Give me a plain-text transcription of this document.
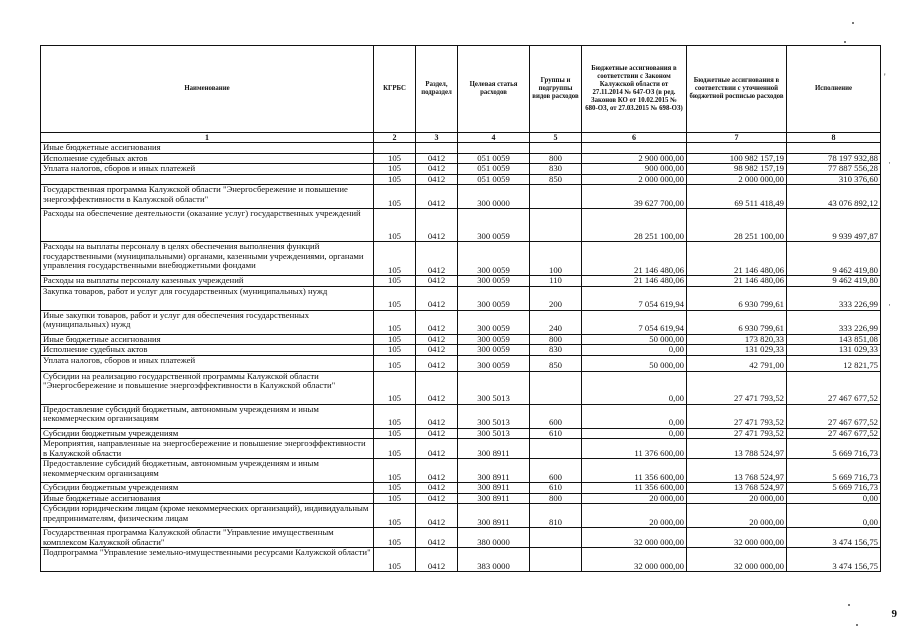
Наименование	КГРБС	Раздел, подраздел	Целевая статья расходов	Группы и подгруппы видов расходов	Бюджетные ассигнования в соответствии с Законом Калужской области от 27.11.2014 № 647-ОЗ (в ред. Законов КО от 10.02.2015 № 680-ОЗ, от 27.03.2015 № 698-ОЗ)	Бюджетные ассигнования в соответствии с уточненной бюджетной росписью расходов	Исполнение
1	2	3	4	5	6	7	8
Иные бюджетные ассигнования							
Исполнение судебных актов	105	0412	051 0059	800	2 900 000,00	100 982 157,19	78 197 932,88
Уплата налогов, сборов и иных платежей	105	0412	051 0059	830	900 000,00	98 982 157,19	77 887 556,28
	105	0412	051 0059	850	2 000 000,00	2 000 000,00	310 376,60
Государственная программа Калужской области "Энергосбережение и повышение энергоэффективности в Калужской области"	105	0412	300 0000		39 627 700,00	69 511 418,49	43 076 892,12
Расходы на обеспечение деятельности (оказание услуг) государственных учреждений	105	0412	300 0059		28 251 100,00	28 251 100,00	9 939 497,87
Расходы на выплаты персоналу в целях обеспечения выполнения функций государственными (муниципальными) органами, казенными учреждениями, органами управления государственными внебюджетными фондами	105	0412	300 0059	100	21 146 480,06	21 146 480,06	9 462 419,80
Расходы на выплаты персоналу казенных учреждений	105	0412	300 0059	110	21 146 480,06	21 146 480,06	9 462 419,80
Закупка товаров, работ и услуг для государственных (муниципальных) нужд	105	0412	300 0059	200	7 054 619,94	6 930 799,61	333 226,99
Иные закупки товаров, работ и услуг для обеспечения государственных (муниципальных) нужд	105	0412	300 0059	240	7 054 619,94	6 930 799,61	333 226,99
Иные бюджетные ассигнования	105	0412	300 0059	800	50 000,00	173 820,33	143 851,08
Исполнение судебных актов	105	0412	300 0059	830	0,00	131 029,33	131 029,33
Уплата налогов, сборов и иных платежей	105	0412	300 0059	850	50 000,00	42 791,00	12 821,75
Субсидии на реализацию государственной программы Калужской области "Энергосбережение и повышение энергоэффективности в Калужской области"	105	0412	300 5013		0,00	27 471 793,52	27 467 677,52
Предоставление субсидий бюджетным, автономным учреждениям и иным некоммерческим организациям	105	0412	300 5013	600	0,00	27 471 793,52	27 467 677,52
Субсидии бюджетным учреждениям	105	0412	300 5013	610	0,00	27 471 793,52	27 467 677,52
Мероприятия, направленные на энергосбережение и повышение энергоэффективности в Калужской области	105	0412	300 8911		11 376 600,00	13 788 524,97	5 669 716,73
Предоставление субсидий бюджетным, автономным учреждениям и иным некоммерческим организациям	105	0412	300 8911	600	11 356 600,00	13 768 524,97	5 669 716,73
Субсидии бюджетным учреждениям	105	0412	300 8911	610	11 356 600,00	13 768 524,97	5 669 716,73
Иные бюджетные ассигнования	105	0412	300 8911	800	20 000,00	20 000,00	0,00
Субсидии юридическим лицам (кроме некоммерческих организаций), индивидуальным предпринимателям, физическим лицам	105	0412	300 8911	810	20 000,00	20 000,00	0,00
Государственная программа Калужской области "Управление имущественным комплексом Калужской области"	105	0412	380 0000		32 000 000,00	32 000 000,00	3 474 156,75
Подпрограмма "Управление земельно-имущественными ресурсами Калужской области"	105	0412	383 0000		32 000 000,00	32 000 000,00	3 474 156,75
'
·
·
9
